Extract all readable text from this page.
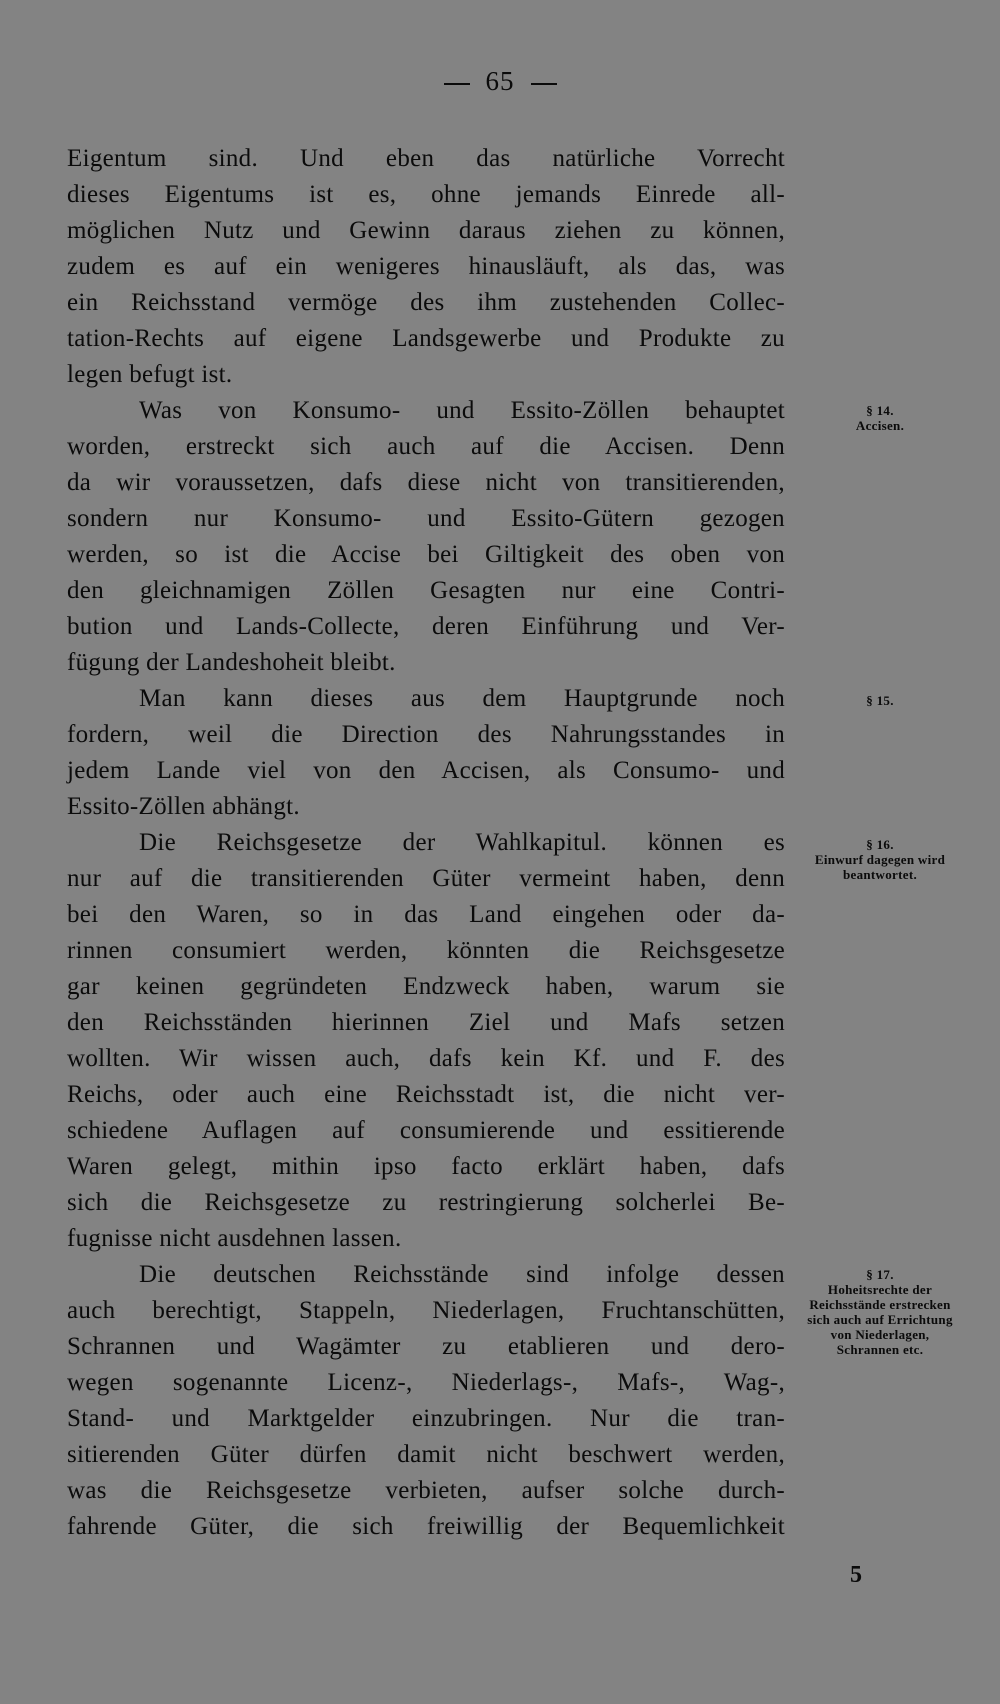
65
Eigentum sind. Und eben das natürliche Vorrecht
dieses Eigentums ist es, ohne jemands Einrede all-
möglichen Nutz und Gewinn daraus ziehen zu können,
zudem es auf ein wenigeres hinausläuft, als das, was
ein Reichsstand vermöge des ihm zustehenden Collec-
tation-Rechts auf eigene Landsgewerbe und Produkte zu
legen befugt ist.
Was von Konsumo- und Essito-Zöllen behauptet
worden, erstreckt sich auch auf die Accisen. Denn
da wir voraussetzen, dafs diese nicht von transitierenden,
sondern nur Konsumo- und Essito-Gütern gezogen
werden, so ist die Accise bei Giltigkeit des oben von
den gleichnamigen Zöllen Gesagten nur eine Contri-
bution und Lands-Collecte, deren Einführung und Ver-
fügung der Landeshoheit bleibt.
Man kann dieses aus dem Hauptgrunde noch
fordern, weil die Direction des Nahrungsstandes in
jedem Lande viel von den Accisen, als Consumo- und
Essito-Zöllen abhängt.
Die Reichsgesetze der Wahlkapitul. können es
nur auf die transitierenden Güter vermeint haben, denn
bei den Waren, so in das Land eingehen oder da-
rinnen consumiert werden, könnten die Reichsgesetze
gar keinen gegründeten Endzweck haben, warum sie
den Reichsständen hierinnen Ziel und Mafs setzen
wollten. Wir wissen auch, dafs kein Kf. und F. des
Reichs, oder auch eine Reichsstadt ist, die nicht ver-
schiedene Auflagen auf consumierende und essitierende
Waren gelegt, mithin ipso facto erklärt haben, dafs
sich die Reichsgesetze zu restringierung solcherlei Be-
fugnisse nicht ausdehnen lassen.
Die deutschen Reichsstände sind infolge dessen
auch berechtigt, Stappeln, Niederlagen, Fruchtanschütten,
Schrannen und Wagämter zu etablieren und dero-
wegen sogenannte Licenz-, Niederlags-, Mafs-, Wag-,
Stand- und Marktgelder einzubringen. Nur die tran-
sitierenden Güter dürfen damit nicht beschwert werden,
was die Reichsgesetze verbieten, aufser solche durch-
fahrende Güter, die sich freiwillig der Bequemlichkeit
§ 14.
Accisen.
§ 15.
§ 16.
Einwurf dagegen wird beantwortet.
§ 17.
Hoheitsrechte der Reichsstände erstrecken sich auch auf Errichtung von Niederlagen, Schrannen etc.
5
